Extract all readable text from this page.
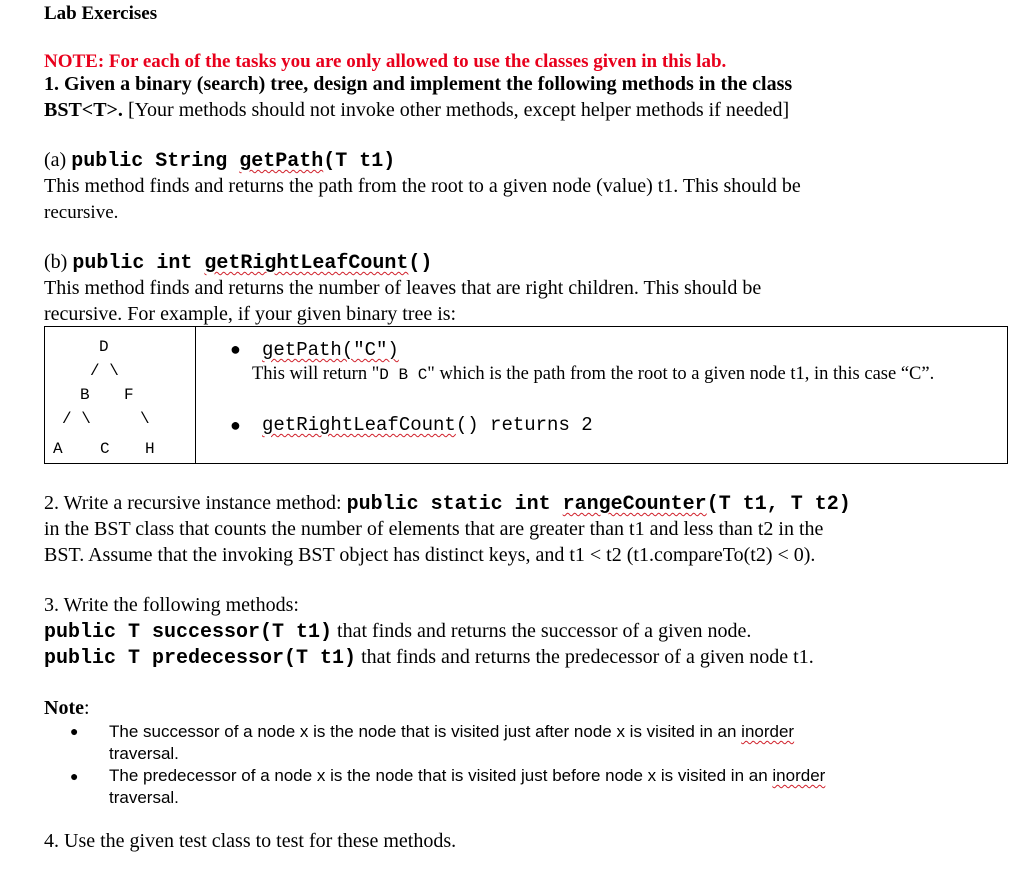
Lab Exercises
NOTE: For each of the tasks you are only allowed to use the classes given in this lab.
1. Given a binary (search) tree, design and implement the following methods in the class
BST<T>. [Your methods should not invoke other methods, except helper methods if needed]
(a) public String getPath(T t1)
This method finds and returns the path from the root to a given node (value) t1. This should be
recursive.
(b) public int getRightLeafCount()
This method finds and returns the number of leaves that are right children. This should be
recursive. For example, if your given binary tree is:
D
/ \
B F
/ \	\
A C H
● getPath("C")
This will return "D B C" which is the path from the root to a given node t1, in this case “C”.
● getRightLeafCount() returns 2
2. Write a recursive instance method: public static int rangeCounter(T t1, T t2)
in the BST class that counts the number of elements that are greater than t1 and less than t2 in the
BST. Assume that the invoking BST object has distinct keys, and t1 < t2 (t1.compareTo(t2) < 0).
3. Write the following methods:
public T successor(T t1) that finds and returns the successor of a given node.
public T predecessor(T t1) that finds and returns the predecessor of a given node t1.
Note:
● The successor of a node x is the node that is visited just after node x is visited in an inorder
traversal.
● The predecessor of a node x is the node that is visited just before node x is visited in an inorder
traversal.
4. Use the given test class to test for these methods.
